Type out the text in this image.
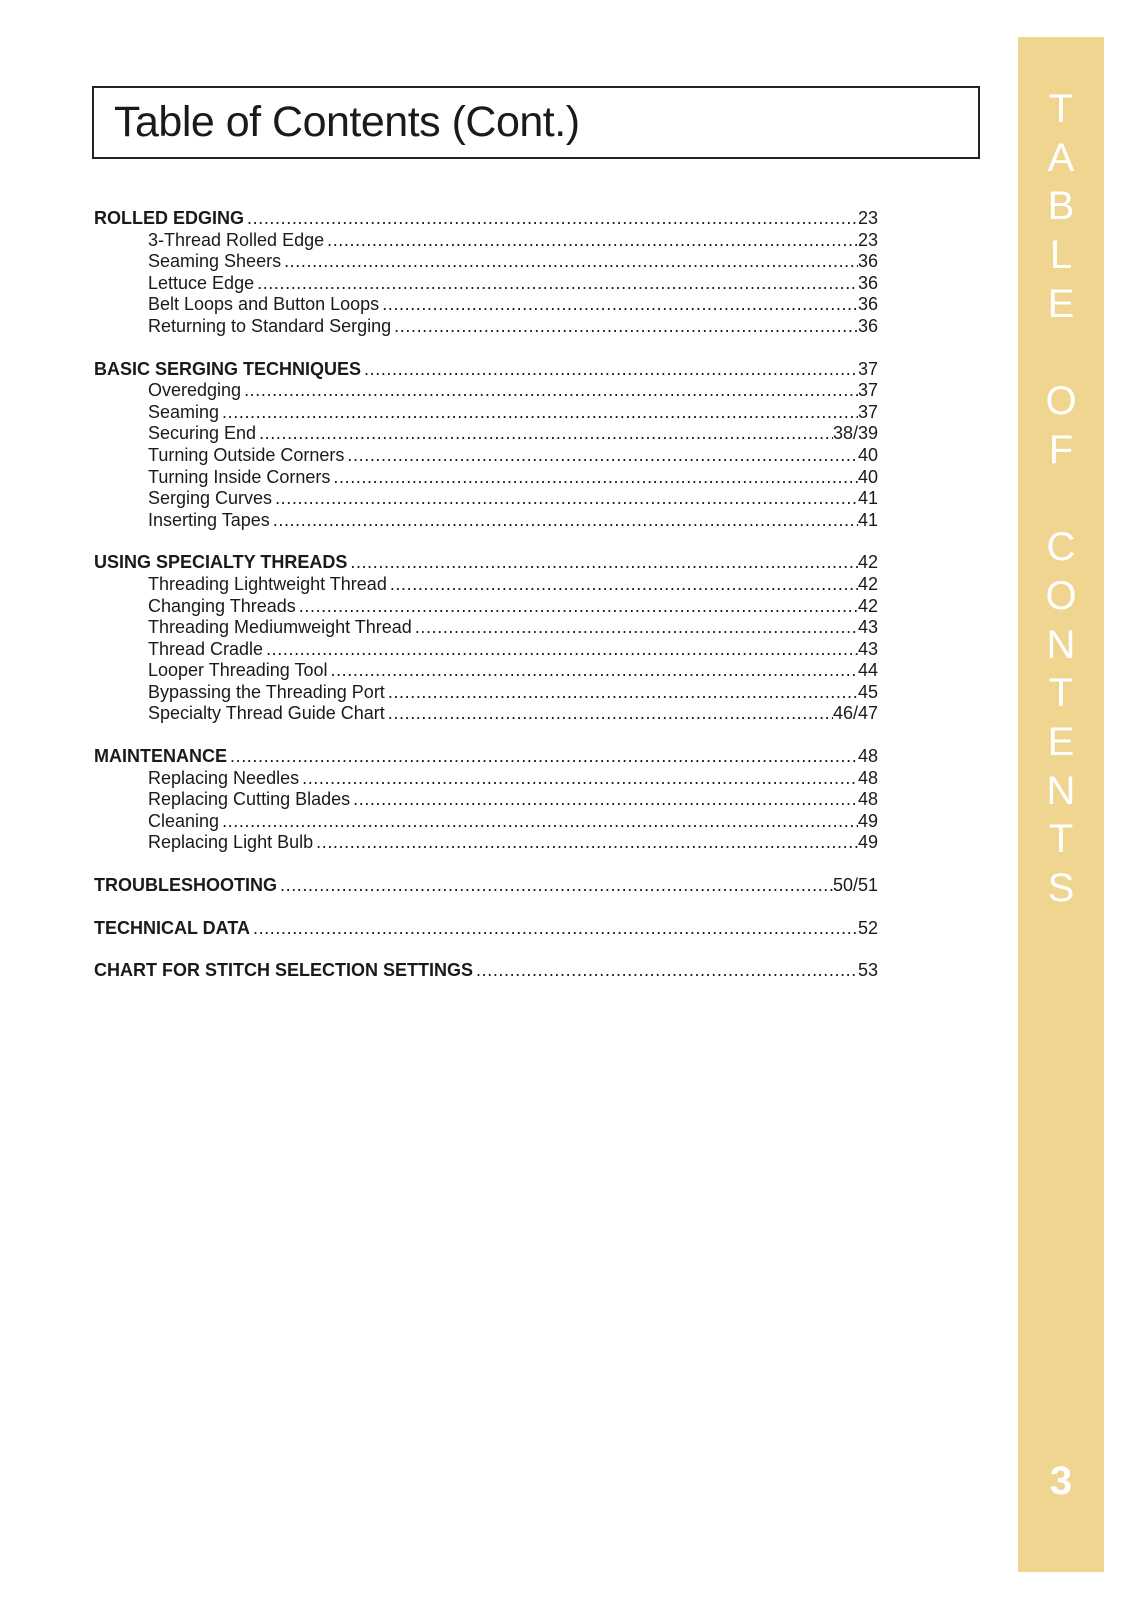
Table of Contents (Cont.)
ROLLED EDGING .....	23
3-Thread Rolled Edge .....	23
Seaming Sheers .....	36
Lettuce Edge .....	36
Belt Loops and Button Loops .....	36
Returning to Standard Serging .....	36
BASIC SERGING TECHNIQUES .....	37
Overedging .....	37
Seaming .....	37
Securing End .....	38/39
Turning Outside Corners .....	40
Turning Inside Corners .....	40
Serging Curves .....	41
Inserting Tapes .....	41
USING SPECIALTY THREADS .....	42
Threading Lightweight Thread .....	42
Changing Threads .....	42
Threading Mediumweight Thread .....	43
Thread Cradle .....	43
Looper Threading Tool .....	44
Bypassing the Threading Port .....	45
Specialty Thread Guide Chart .....	46/47
MAINTENANCE .....	48
Replacing Needles .....	48
Replacing Cutting Blades .....	48
Cleaning .....	49
Replacing Light Bulb .....	49
TROUBLESHOOTING .....	50/51
TECHNICAL DATA .....	52
CHART FOR STITCH SELECTION SETTINGS .....	53
T
A
B
L
E
O
F
C
O
N
T
E
N
T
S
3
